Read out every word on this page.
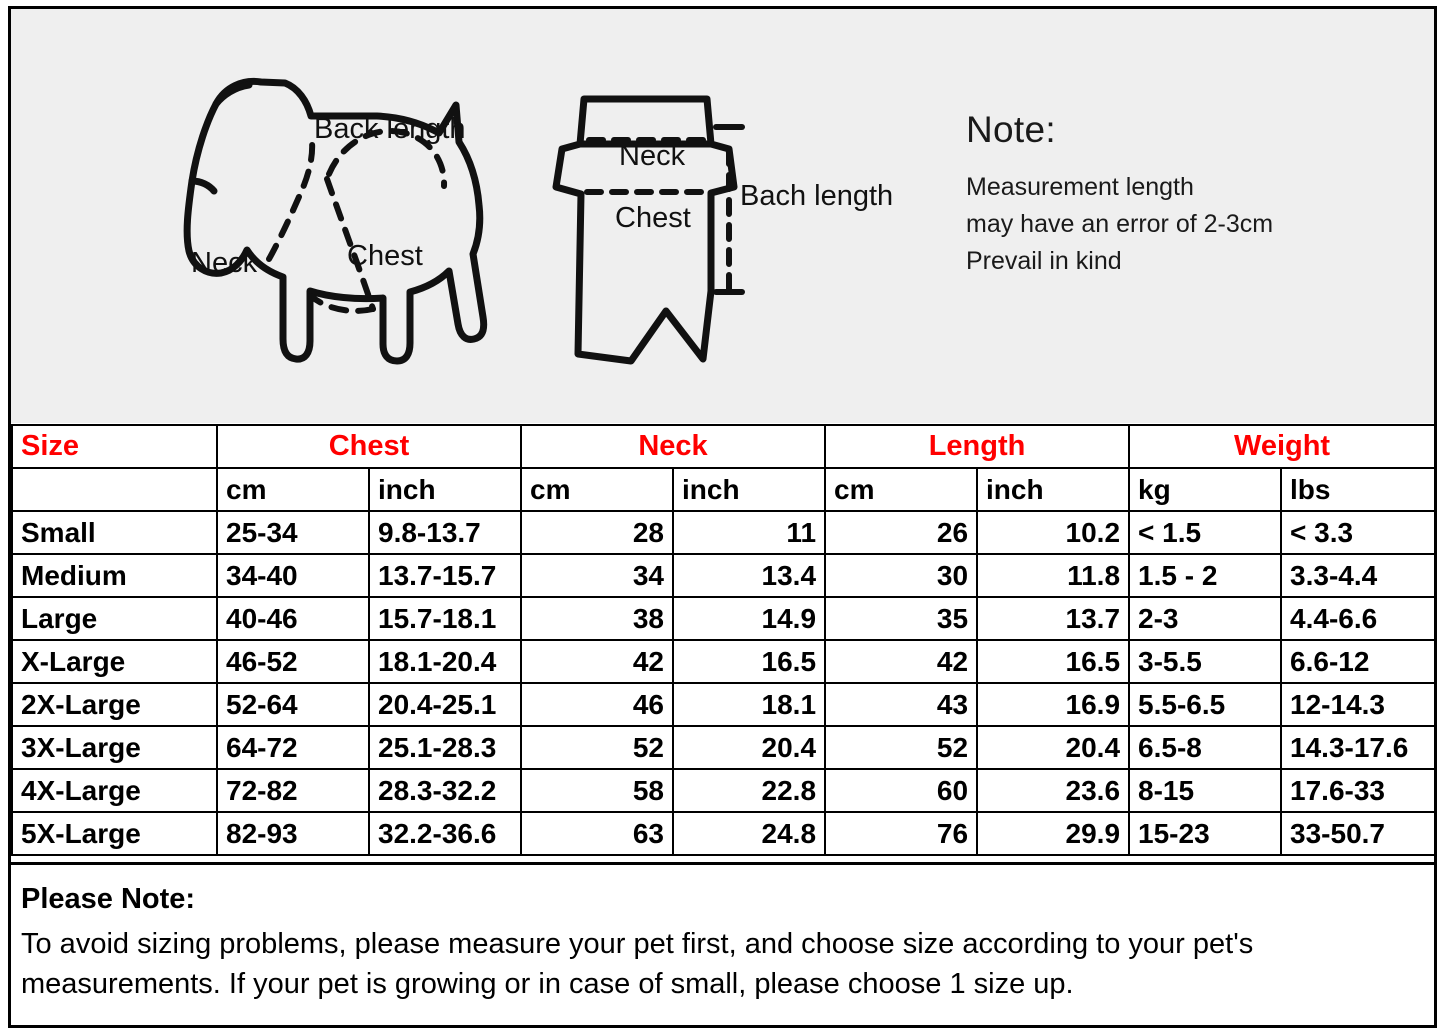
Back length
Neck	Chest
Neck
Chest
Bach length
Note:
Measurement length
may have an error of 2-3cm
Prevail in kind
Size	Chest		Neck		Length		Weight	
	cm	inch	cm	inch	cm	inch	kg	lbs
Small	25-34	9.8-13.7	28	11	26	10.2	< 1.5	< 3.3
Medium	34-40	13.7-15.7	34	13.4	30	11.8	1.5 - 2	3.3-4.4
Large	40-46	15.7-18.1	38	14.9	35	13.7	2-3	4.4-6.6
X-Large	46-52	18.1-20.4	42	16.5	42	16.5	3-5.5	6.6-12
2X-Large	52-64	20.4-25.1	46	18.1	43	16.9	5.5-6.5	12-14.3
3X-Large	64-72	25.1-28.3	52	20.4	52	20.4	6.5-8	14.3-17.6
4X-Large	72-82	28.3-32.2	58	22.8	60	23.6	8-15	17.6-33
5X-Large	82-93	32.2-36.6	63	24.8	76	29.9	15-23	33-50.7
Please Note:
To avoid sizing problems, please measure your pet first, and choose size according to your pet's
measurements. If your pet is growing or in case of small, please choose 1 size up.
